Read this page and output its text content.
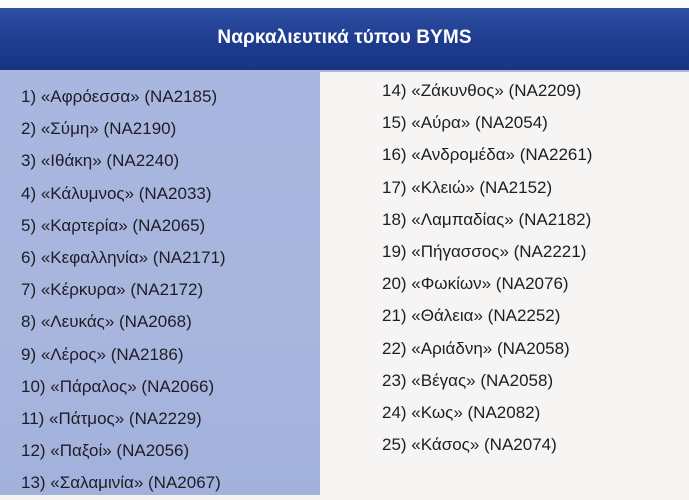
Ναρκαλιευτικά τύπου BYMS
1) «Αφρόεσσα» (NA2185)
2) «Σύμη» (NA2190)
3) «Ιθάκη» (NA2240)
4) «Κάλυμνος» (NA2033)
5) «Καρτερία» (NA2065)
6) «Κεφαλληνία» (NA2171)
7) «Κέρκυρα» (NA2172)
8) «Λευκάς» (NA2068)
9) «Λέρος» (NA2186)
10) «Πάραλος» (NA2066)
11) «Πάτμος» (NA2229)
12) «Παξοί» (NA2056)
13) «Σαλαμινία» (NA2067)
14) «Ζάκυνθος» (NA2209)
15) «Αύρα» (NA2054)
16) «Ανδρομέδα» (NA2261)
17) «Κλειώ» (NA2152)
18) «Λαμπαδίας» (NA2182)
19) «Πήγασσος» (NA2221)
20) «Φωκίων» (NA2076)
21) «Θάλεια» (NA2252)
22) «Αριάδνη» (NA2058)
23) «Βέγας» (NA2058)
24) «Κως» (NA2082)
25) «Κάσος» (NA2074)
